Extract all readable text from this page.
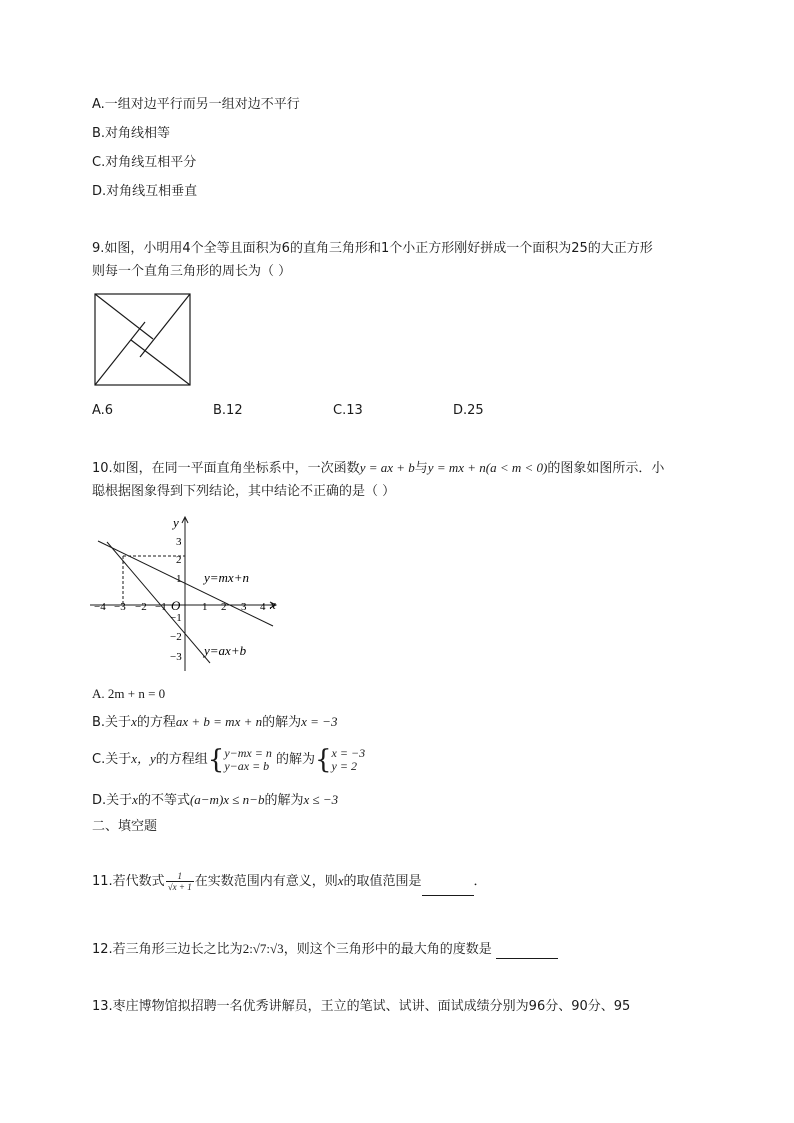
A.一组对边平行而另一组对边不平行
B.对角线相等
C.对角线互相平分
D.对角线互相垂直
9.如图，小明用4个全等且面积为6的直角三角形和1个小正方形刚好拼成一个面积为25的大正方形
则每一个直角三角形的周长为（ ）
A.6	B.12	C.13	D.25
10.如图，在同一平面直角坐标系中，一次函数y = ax + b与y = mx + n(a < m < 0)的图象如图所示．小
聪根据图象得到下列结论，其中结论不正确的是（ ）
y
x
O
−4 −3 −2 −1	1 2 3 4
3
2
1
−1
−2
−3
y=mx+n
y=ax+b
A. 2m + n = 0
B.关于x的方程ax + b = mx + n的解为x = −3
C.关于x，y的方程组{ y−mx = n
y−ax = b 的解为{ x = −3
y = 2
D.关于x的不等式(a−m)x ≤ n−b的解为x ≤ −3
二、填空题
11.若代数式 $\frac{1}{√x + 1}$ 在实数范围内有意义，则x的取值范围是	．
12.若三角形三边长之比为2:√7:√3，则这个三角形中的最大角的度数是
13.枣庄博物馆拟招聘一名优秀讲解员，王立的笔试、试讲、面试成绩分别为96分、90分、95
